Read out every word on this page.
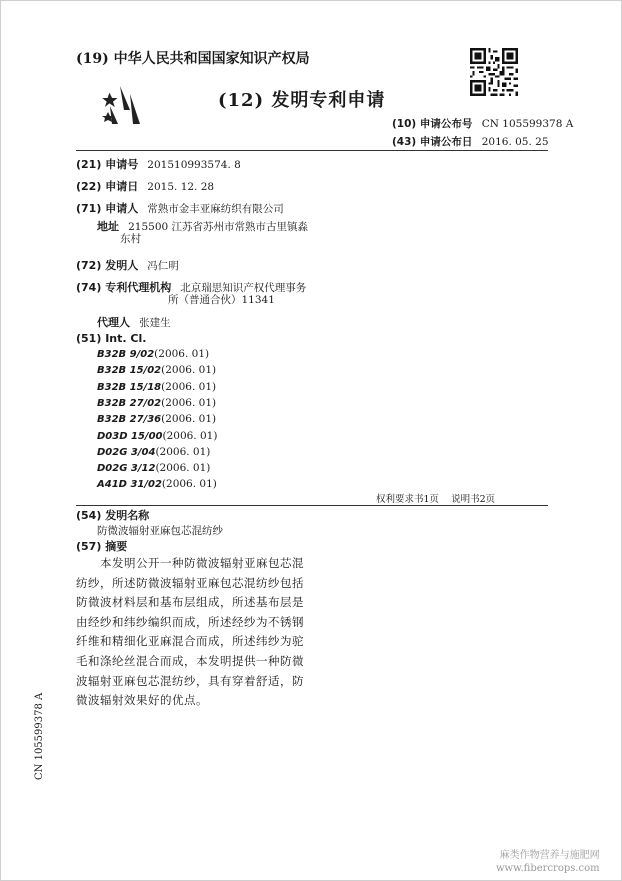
(19) 中华人民共和国国家知识产权局
(12) 发明专利申请
(10) 申请公布号 CN 105599378 A
(43) 申请公布日 2016. 05. 25
(21) 申请号 201510993574. 8
(22) 申请日 2015. 12. 28
(71) 申请人 常熟市金丰亚麻纺织有限公司
地址 215500 江苏省苏州市常熟市古里镇淼
东村
(72) 发明人 冯仁明
(74) 专利代理机构 北京瑞思知识产权代理事务
所（普通合伙）11341
代理人 张建生
(51) Int. Cl.
B32B 9/02(2006. 01)
B32B 15/02(2006. 01)
B32B 15/18(2006. 01)
B32B 27/02(2006. 01)
B32B 27/36(2006. 01)
D03D 15/00(2006. 01)
D02G 3/04(2006. 01)
D02G 3/12(2006. 01)
A41D 31/02(2006. 01)
权利要求书1页    说明书2页
(54) 发明名称
防微波辐射亚麻包芯混纺纱
(57) 摘要
本发明公开一种防微波辐射亚麻包芯混纺纱，所述防微波辐射亚麻包芯混纺纱包括防微波材料层和基布层组成，所述基布层是由经纱和纬纱编织而成，所述经纱为不锈钢纤维和精细化亚麻混合而成，所述纬纱为驼毛和涤纶丝混合而成，本发明提供一种防微波辐射亚麻包芯混纺纱，具有穿着舒适，防微波辐射效果好的优点。
CN 105599378 A
麻类作物营养与施肥网
www.fibercrops.com
